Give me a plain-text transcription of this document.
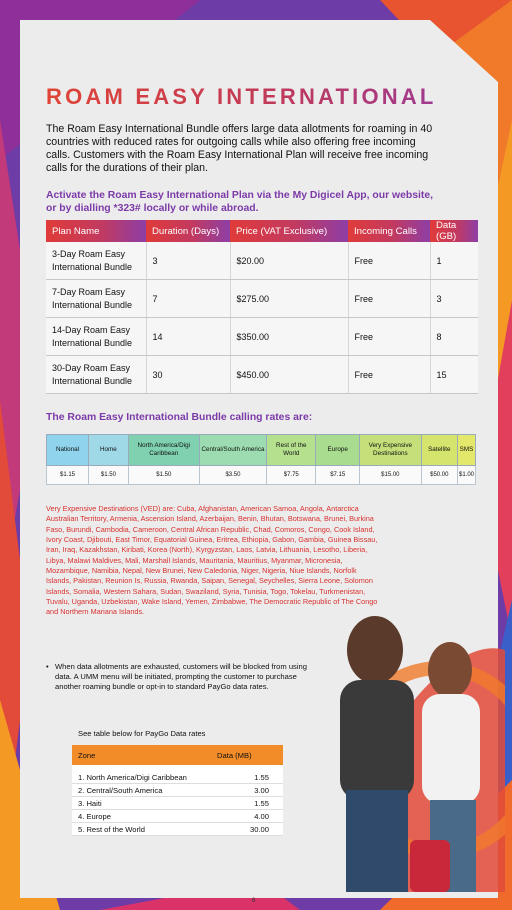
ROAM EASY INTERNATIONAL
The Roam Easy International Bundle offers large data allotments for roaming in 40 countries with reduced rates for outgoing calls while also offering free incoming calls. Customers with the Roam Easy International Plan will receive free incoming calls for the durations of their plan.
Activate the Roam Easy International Plan via the My Digicel App, our website, or by dialling *323# locally or while abroad.
Plan Name	Duration (Days)	Price (VAT Exclusive)	Incoming Calls	Data (GB)
3-Day Roam Easy International Bundle	3	$20.00	Free	1
7-Day Roam Easy International Bundle	7	$275.00	Free	3
14-Day Roam Easy International Bundle	14	$350.00	Free	8
30-Day Roam Easy International Bundle	30	$450.00	Free	15
The Roam Easy International Bundle calling rates are:
National	Home	North America/Digi Caribbean	Central/South America	Rest of the World	Europe	Very Expensive Destinations	Satellite	SMS
$1.15	$1.50	$1.50	$3.50	$7.75	$7.15	$15.00	$50.00	$1.00
Very Expensive Destinations (VED) are: Cuba, Afghanistan, American Samoa, Angola, Antarctica Australian Territory, Armenia, Ascension Island, Azerbaijan, Benin, Bhutan, Botswana, Brunei, Burkina Faso, Burundi, Cambodia, Cameroon, Central African Republic, Chad, Comoros, Congo, Cook Island, Ivory Coast, Djibouti, East Timor, Equatorial Guinea, Eritrea, Ethiopia, Gabon, Gambia, Guinea Bissau, Iran, Iraq, Kazakhstan, Kiribati, Korea (North), Kyrgyzstan, Laos, Latvia, Lithuania, Lesotho, Liberia, Libya, Malawi Maldives, Mali, Marshall Islands, Mauritania, Mauritius, Myanmar, Micronesia, Mozambique, Namibia, Nepal, New Brunei, New Caledonia, Niger, Nigeria, Niue Islands, Norfolk Islands, Pakistan, Reunion Is, Russia, Rwanda, Saipan, Senegal, Seychelles, Sierra Leone, Solomon Islands, Somalia, Western Sahara, Sudan, Swaziland, Syria, Tunisia, Togo, Tokelau, Turkmenistan, Tuvalu, Uganda, Uzbekistan, Wake Island, Yemen, Zimbabwe, The Democratic Republic of The Congo and Northern Mariana Islands.
• When data allotments are exhausted, customers will be blocked from using data. A UMM menu will be initiated, prompting the customer to purchase another roaming bundle or opt-in to standard PayGo data rates.
See table below for PayGo Data rates
Zone	Data (MB)
1. North America/Digi Caribbean	1.55
2. Central/South America	3.00
3. Haiti	1.55
4. Europe	4.00
5. Rest of the World	30.00
6
